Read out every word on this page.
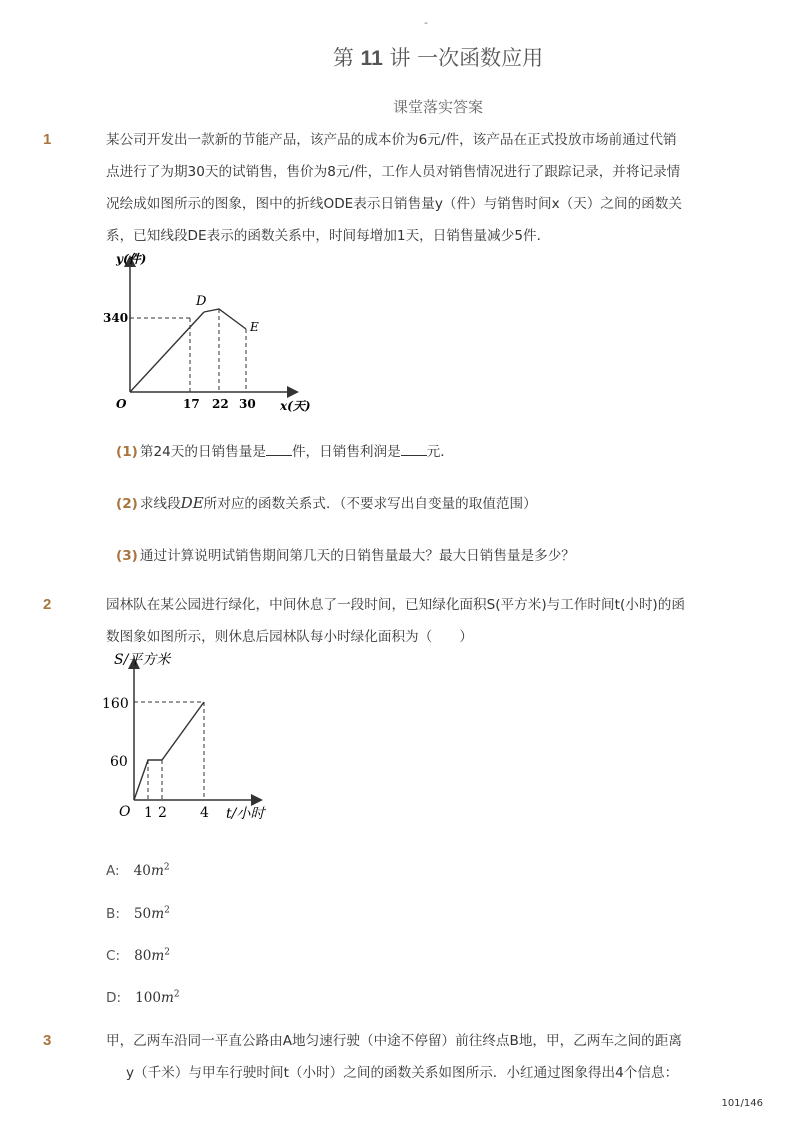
-
第 11 讲 一次函数应用
课堂落实答案
1	某公司开发出一款新的节能产品，该产品的成本价为6元/件，该产品在正式投放市场前通过代销
点进行了为期30天的试销售，售价为8元/件，工作人员对销售情况进行了跟踪记录，并将记录情
况绘成如图所示的图象，图中的折线ODE表示日销售量y（件）与销售时间x（天）之间的函数关
系，已知线段DE表示的函数关系中，时间每增加1天，日销售量减少5件．
y(件)
340
D
E
O	17 22 30 x(天)
(1) 第24天的日销售量是 件，日销售利润是 元．
(2) 求线段DE所对应的函数关系式．（不要求写出自变量的取值范围）
(3) 通过计算说明试销售期间第几天的日销售量最大？最大日销售量是多少？
2	园林队在某公园进行绿化，中间休息了一段时间，已知绿化面积S(平方米)与工作时间t(小时)的函
数图象如图所示，则休息后园林队每小时绿化面积为（　　）
S/平方米
160
60
O 1 2 4 t/小时
A: $40m^2$
B: $50m^2$
C: $80m^2$
D: $100m^2$
3	甲，乙两车沿同一平直公路由A地匀速行驶（中途不停留）前往终点B地，甲，乙两车之间的距离
y（千米）与甲车行驶时间t（小时）之间的函数关系如图所示．小红通过图象得出4个信息：
101/146
